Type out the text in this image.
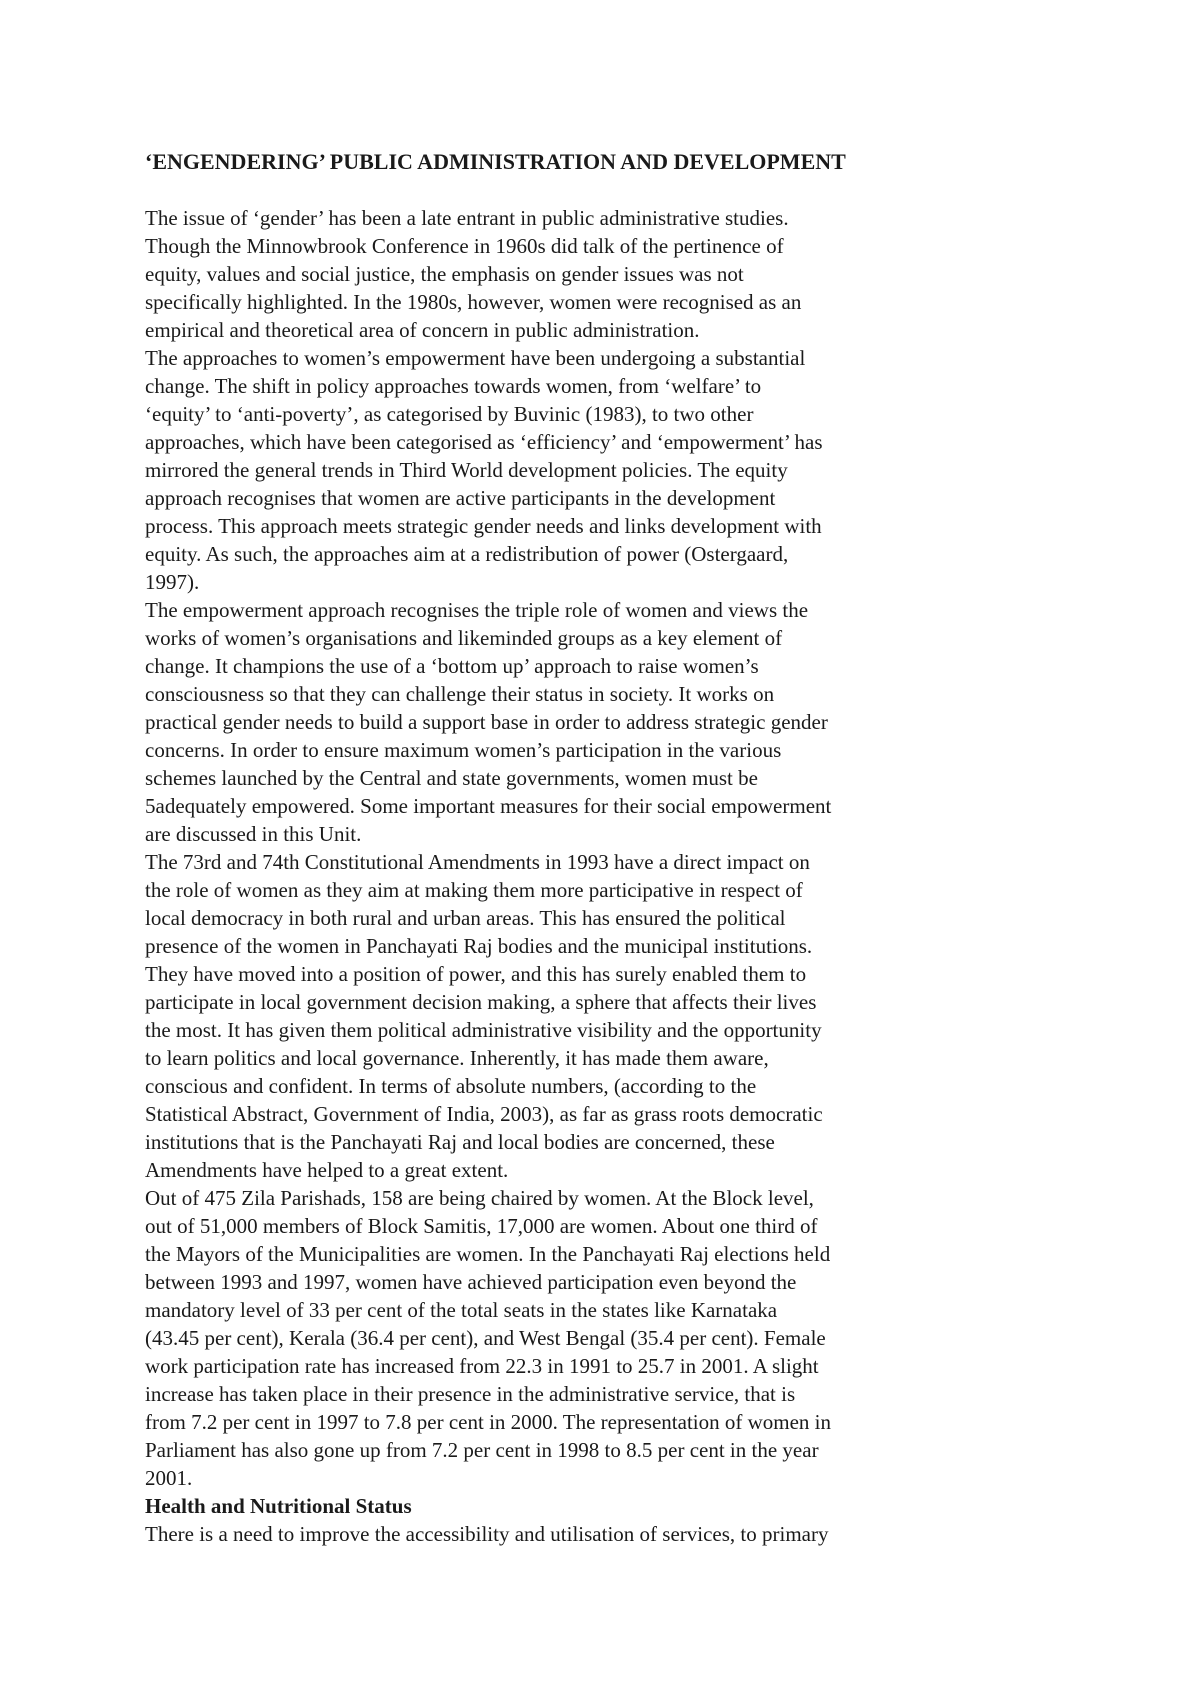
‘ENGENDERING’ PUBLIC ADMINISTRATION AND DEVELOPMENT
The issue of ‘gender’ has been a late entrant in public administrative studies.
Though the Minnowbrook Conference in 1960s did talk of the pertinence of
equity, values and social justice, the emphasis on gender issues was not
specifically highlighted. In the 1980s, however, women were recognised as an
empirical and theoretical area of concern in public administration.
The approaches to women’s empowerment have been undergoing a substantial
change. The shift in policy approaches towards women, from ‘welfare’ to
‘equity’ to ‘anti-poverty’, as categorised by Buvinic (1983), to two other
approaches, which have been categorised as ‘efficiency’ and ‘empowerment’ has
mirrored the general trends in Third World development policies. The equity
approach recognises that women are active participants in the development
process. This approach meets strategic gender needs and links development with
equity. As such, the approaches aim at a redistribution of power (Ostergaard,
1997).
The empowerment approach recognises the triple role of women and views the
works of women’s organisations and likeminded groups as a key element of
change. It champions the use of a ‘bottom up’ approach to raise women’s
consciousness so that they can challenge their status in society. It works on
practical gender needs to build a support base in order to address strategic gender
concerns. In order to ensure maximum women’s participation in the various
schemes launched by the Central and state governments, women must be
5adequately empowered. Some important measures for their social empowerment
are discussed in this Unit.
The 73rd and 74th Constitutional Amendments in 1993 have a direct impact on
the role of women as they aim at making them more participative in respect of
local democracy in both rural and urban areas. This has ensured the political
presence of the women in Panchayati Raj bodies and the municipal institutions.
They have moved into a position of power, and this has surely enabled them to
participate in local government decision making, a sphere that affects their lives
the most. It has given them political administrative visibility and the opportunity
to learn politics and local governance. Inherently, it has made them aware,
conscious and confident. In terms of absolute numbers, (according to the
Statistical Abstract, Government of India, 2003), as far as grass roots democratic
institutions that is the Panchayati Raj and local bodies are concerned, these
Amendments have helped to a great extent.
Out of 475 Zila Parishads, 158 are being chaired by women. At the Block level,
out of 51,000 members of Block Samitis, 17,000 are women. About one third of
the Mayors of the Municipalities are women. In the Panchayati Raj elections held
between 1993 and 1997, women have achieved participation even beyond the
mandatory level of 33 per cent of the total seats in the states like Karnataka
(43.45 per cent), Kerala (36.4 per cent), and West Bengal (35.4 per cent). Female
work participation rate has increased from 22.3 in 1991 to 25.7 in 2001. A slight
increase has taken place in their presence in the administrative service, that is
from 7.2 per cent in 1997 to 7.8 per cent in 2000. The representation of women in
Parliament has also gone up from 7.2 per cent in 1998 to 8.5 per cent in the year
2001.
Health and Nutritional Status
There is a need to improve the accessibility and utilisation of services, to primary
